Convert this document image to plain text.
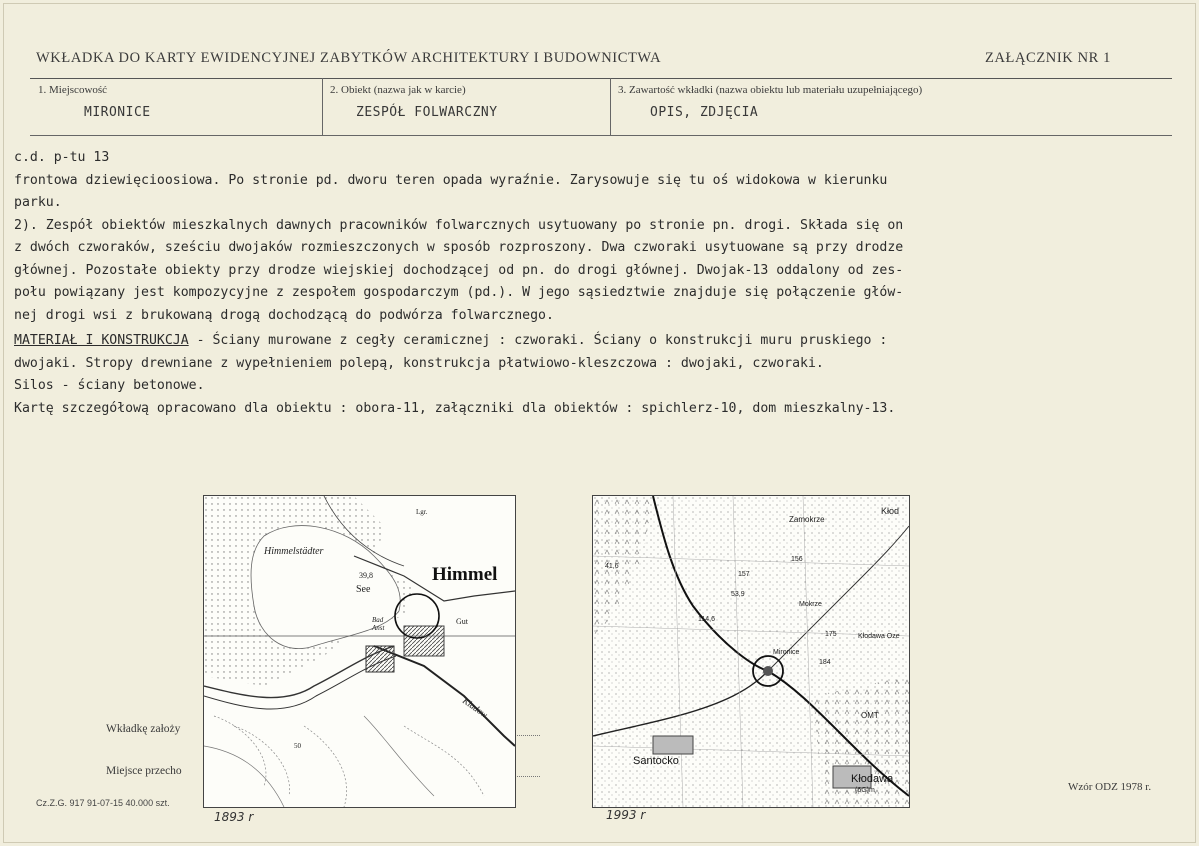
WKŁADKA DO KARTY EWIDENCYJNEJ ZABYTKÓW ARCHITEKTURY I BUDOWNICTWA	ZAŁĄCZNIK NR 1
1. Miejscowość
MIRONICE
2. Obiekt (nazwa jak w karcie)
ZESPÓŁ FOLWARCZNY
3. Zawartość wkładki (nazwa obiektu lub materiału uzupełniającego)
OPIS, ZDJĘCIA

c.d. p-tu 13

frontowa dziewięcioosiowa. Po stronie pd. dworu teren opada wyraźnie. Zarysowuje się tu oś widokowa w kierunku

parku.

2). Zespół obiektów mieszkalnych dawnych pracowników folwarcznych usytuowany po stronie pn. drogi. Składa się on

z dwóch czworaków, sześciu dwojaków rozmieszczonych w sposób rozproszony. Dwa czworaki usytuowane są przy drodze

głównej. Pozostałe obiekty przy drodze wiejskiej dochodzącej od pn. do drogi głównej. Dwojak-13 oddalony od zes-

połu powiązany jest kompozycyjne z zespołem gospodarczym (pd.). W jego sąsiedztwie znajduje się połączenie głów-

nej drogi wsi z brukowaną drogą dochodzącą do podwórza folwarcznego.

MATERIAŁ I KONSTRUKCJA - Ściany murowane z cegły ceramicznej : czworaki. Ściany o konstrukcji muru pruskiego :

dwojaki. Stropy drewniane z wypełnieniem polepą, konstrukcja płatwiowo-kleszczowa : dwojaki, czworaki.

Silos - ściany betonowe.

Kartę szczegółową opracowano dla obiektu : obora-11, załączniki dla obiektów : spichlerz-10, dom mieszkalny-13.

Wkładkę założy
Miejsce przecho
Cz.Z.G. 917 91-07-15 40.000 szt.
Wzór ODZ 1978 r.
Himmel
Himmelstädter
See
39,8
Bad
Anst
Gut
Kladow
Lgr.
50
Zamokrze
Kłod
Mokrze
Kłodawa Oze
Mironice
Santocko
Kłodawa
(6G)m
OMT
184
175
53,9
156
114,6
41,6
157
1893 r	1993 r
